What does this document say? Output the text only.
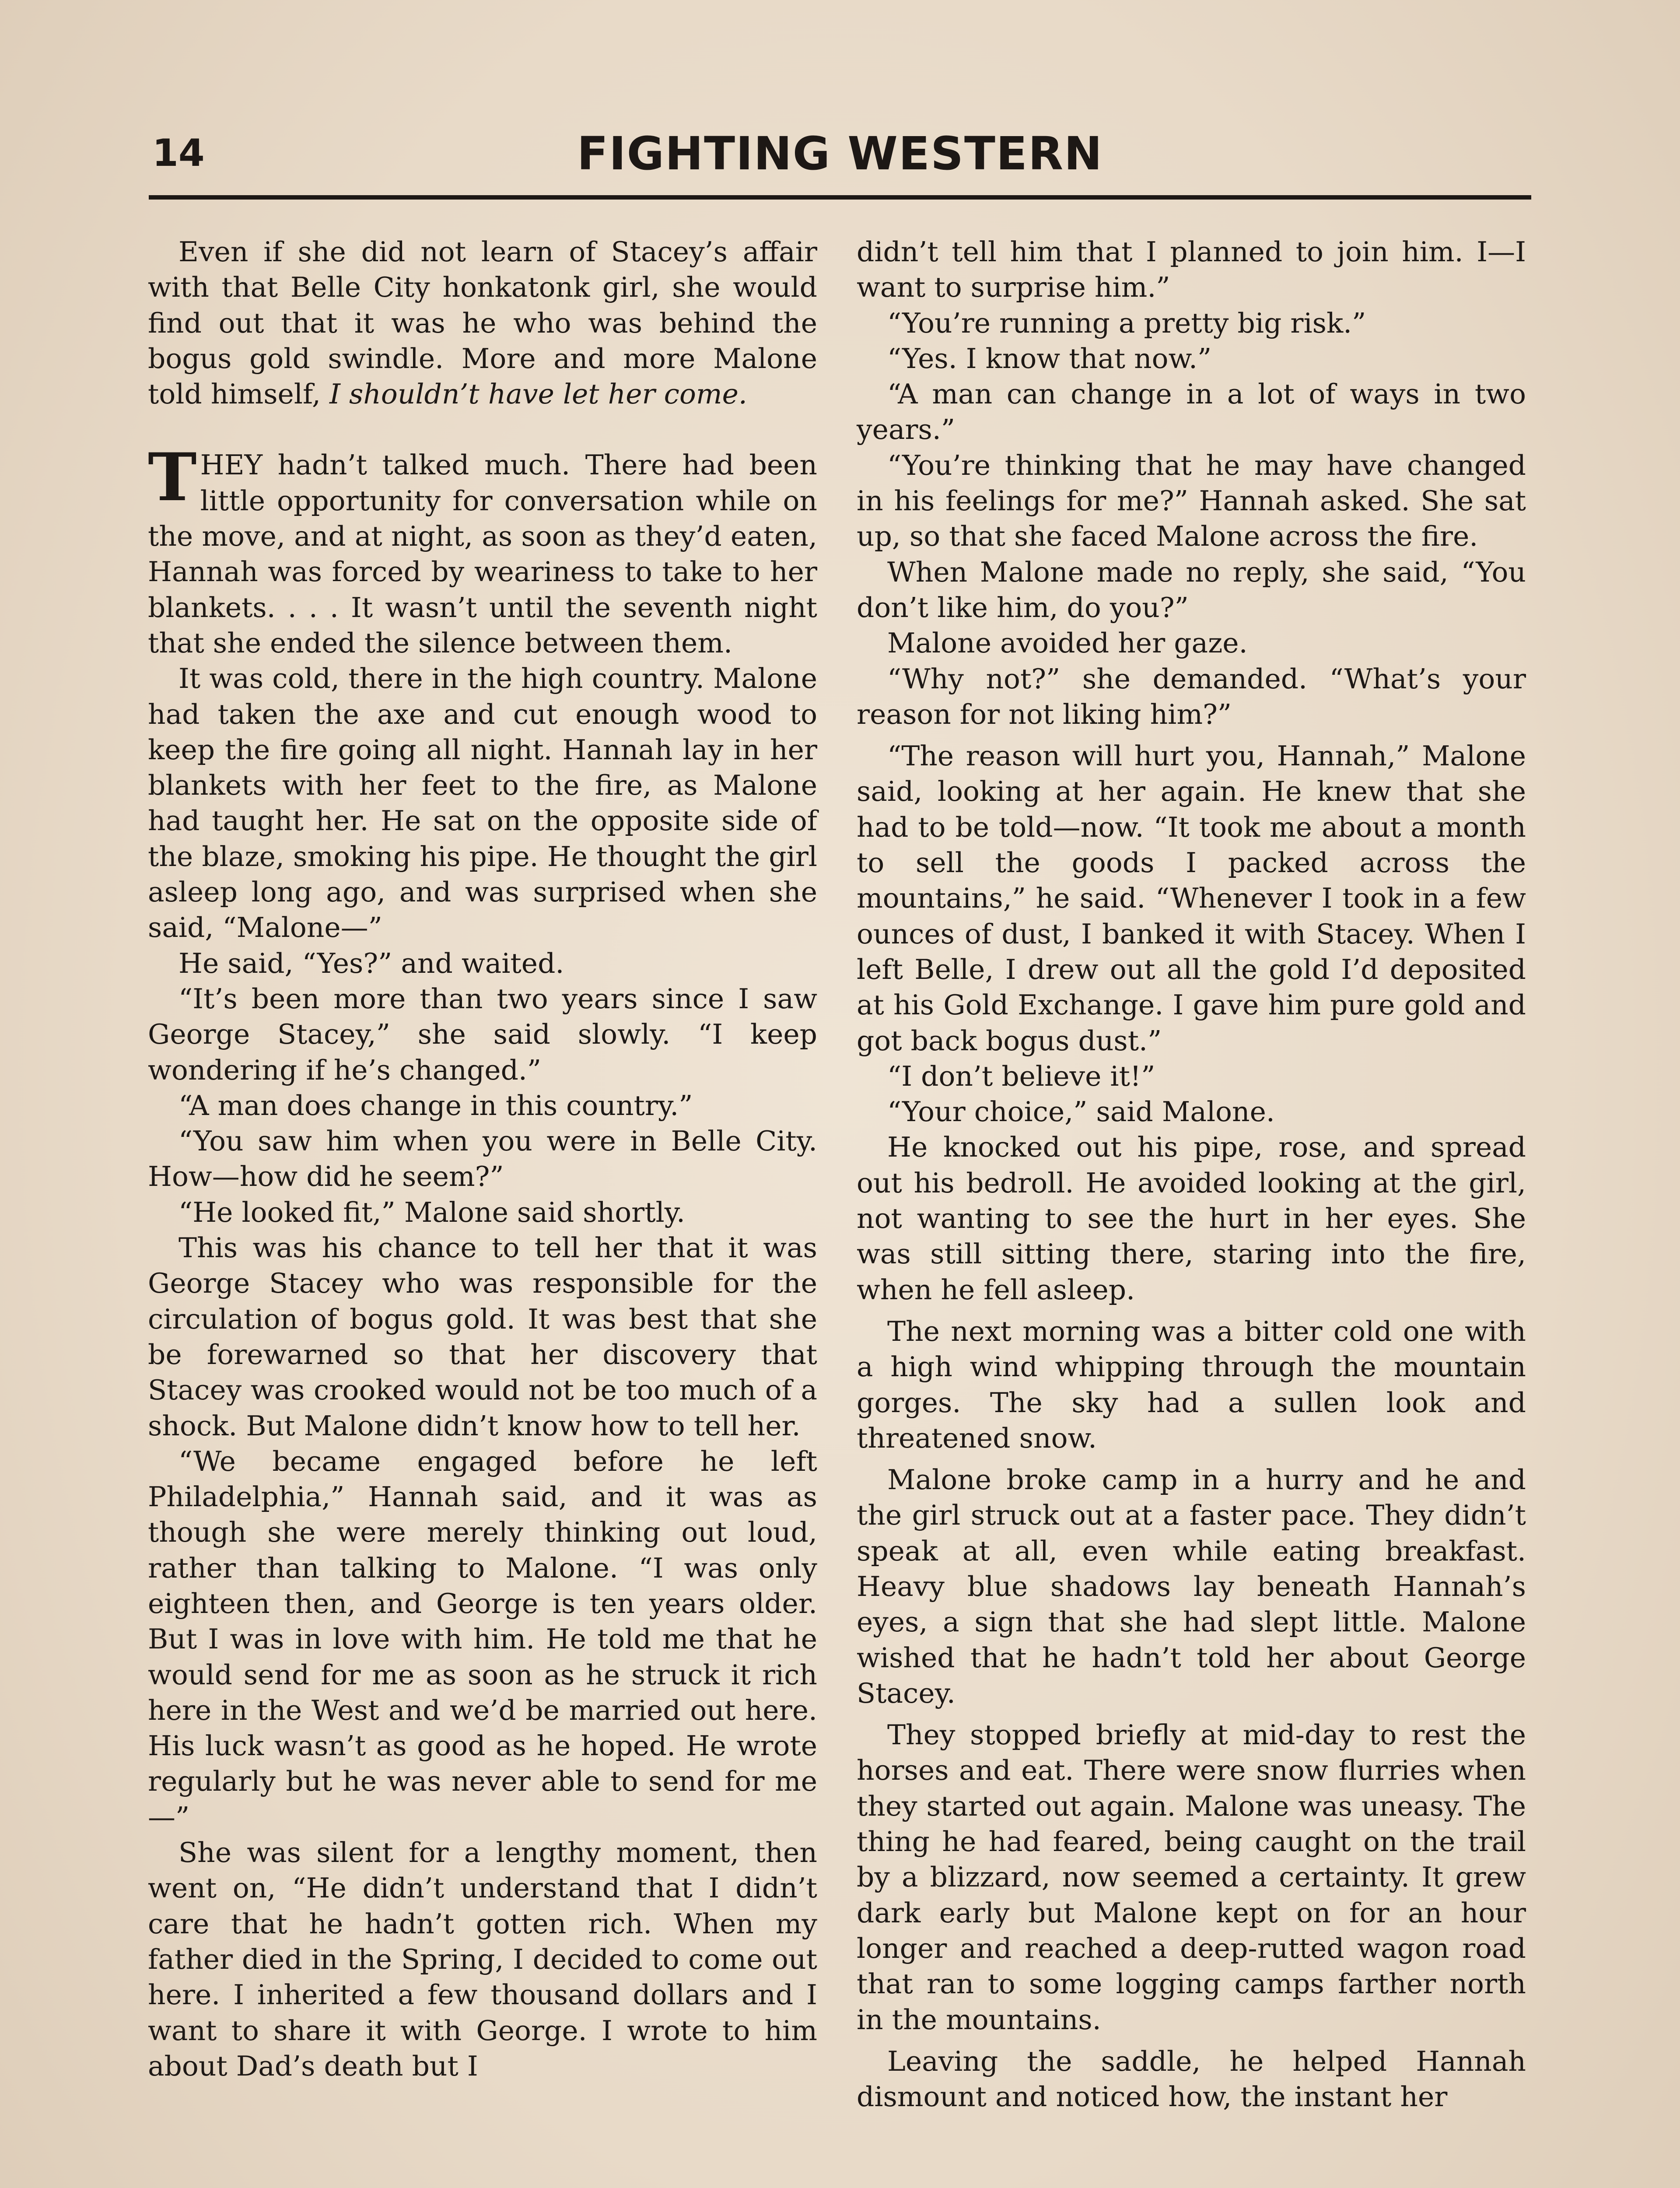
14	FIGHTING WESTERN

Even if she did not learn of Stacey’s affair with that Belle City honkatonk girl, she would find out that it was he who was behind the bogus gold swindle. More and more Malone told himself, I shouldn’t have let her come.

THEY hadn’t talked much. There had been little opportunity for conversation while on the move, and at night, as soon as they’d eaten, Hannah was forced by weariness to take to her blankets. . . . It wasn’t until the seventh night that she ended the silence between them.

It was cold, there in the high country. Malone had taken the axe and cut enough wood to keep the fire going all night. Hannah lay in her blankets with her feet to the fire, as Malone had taught her. He sat on the opposite side of the blaze, smoking his pipe. He thought the girl asleep long ago, and was surprised when she said, “Malone—”

He said, “Yes?” and waited.

“It’s been more than two years since I saw George Stacey,” she said slowly. “I keep wondering if he’s changed.”

“A man does change in this country.”

“You saw him when you were in Belle City. How—how did he seem?”

“He looked fit,” Malone said shortly.

This was his chance to tell her that it was George Stacey who was responsible for the circulation of bogus gold. It was best that she be forewarned so that her discovery that Stacey was crooked would not be too much of a shock. But Malone didn’t know how to tell her.

“We became engaged before he left Philadelphia,” Hannah said, and it was as though she were merely thinking out loud, rather than talking to Malone. “I was only eighteen then, and George is ten years older. But I was in love with him. He told me that he would send for me as soon as he struck it rich here in the West and we’d be married out here. His luck wasn’t as good as he hoped. He wrote regularly but he was never able to send for me—”

She was silent for a lengthy moment, then went on, “He didn’t understand that I didn’t care that he hadn’t gotten rich. When my father died in the Spring, I decided to come out here. I inherited a few thousand dollars and I want to share it with George. I wrote to him about Dad’s death but I

didn’t tell him that I planned to join him. I—I want to surprise him.”

“You’re running a pretty big risk.”

“Yes. I know that now.”

“A man can change in a lot of ways in two years.”

“You’re thinking that he may have changed in his feelings for me?” Hannah asked. She sat up, so that she faced Malone across the fire.

When Malone made no reply, she said, “You don’t like him, do you?”

Malone avoided her gaze.

“Why not?” she demanded. “What’s your reason for not liking him?”

“The reason will hurt you, Hannah,” Malone said, looking at her again. He knew that she had to be told—now. “It took me about a month to sell the goods I packed across the mountains,” he said. “Whenever I took in a few ounces of dust, I banked it with Stacey. When I left Belle, I drew out all the gold I’d deposited at his Gold Exchange. I gave him pure gold and got back bogus dust.”

“I don’t believe it!”

“Your choice,” said Malone.

He knocked out his pipe, rose, and spread out his bedroll. He avoided looking at the girl, not wanting to see the hurt in her eyes. She was still sitting there, staring into the fire, when he fell asleep.

The next morning was a bitter cold one with a high wind whipping through the mountain gorges. The sky had a sullen look and threatened snow.

Malone broke camp in a hurry and he and the girl struck out at a faster pace. They didn’t speak at all, even while eating breakfast. Heavy blue shadows lay beneath Hannah’s eyes, a sign that she had slept little. Malone wished that he hadn’t told her about George Stacey.

They stopped briefly at mid-day to rest the horses and eat. There were snow flurries when they started out again. Malone was uneasy. The thing he had feared, being caught on the trail by a blizzard, now seemed a certainty. It grew dark early but Malone kept on for an hour longer and reached a deep-rutted wagon road that ran to some logging camps farther north in the mountains.

Leaving the saddle, he helped Hannah dismount and noticed how, the instant her
